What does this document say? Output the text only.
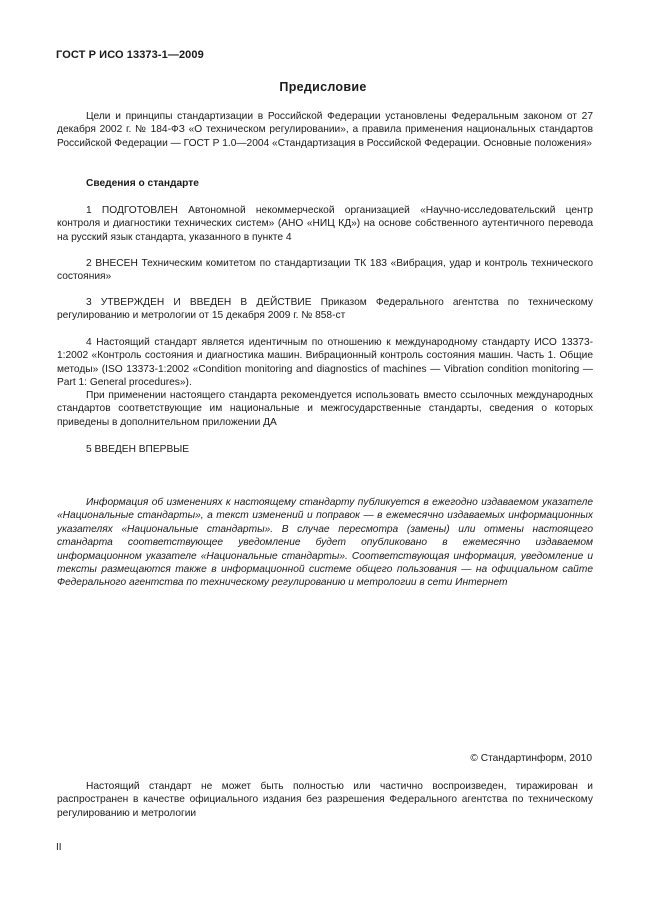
ГОСТ Р ИСО 13373-1—2009
Предисловие

Цели и принципы стандартизации в Российской Федерации установлены Федеральным законом от 27 декабря 2002 г. № 184-ФЗ «О техническом регулировании», а правила применения национальных стандартов Российской Федерации — ГОСТ Р 1.0—2004 «Стандартизация в Российской Федерации. Основные положения»

Сведения о стандарте

1 ПОДГОТОВЛЕН Автономной некоммерческой организацией «Научно-исследовательский центр контроля и диагностики технических систем» (АНО «НИЦ КД») на основе собственного аутентичного перевода на русский язык стандарта, указанного в пункте 4

2 ВНЕСЕН Техническим комитетом по стандартизации ТК 183 «Вибрация, удар и контроль технического состояния»

3 УТВЕРЖДЕН И ВВЕДЕН В ДЕЙСТВИЕ Приказом Федерального агентства по техническому регулированию и метрологии от 15 декабря 2009 г. № 858-ст

4 Настоящий стандарт является идентичным по отношению к международному стандарту ИСО 13373-1:2002 «Контроль состояния и диагностика машин. Вибрационный контроль состояния машин. Часть 1. Общие методы» (ISO 13373-1:2002 «Condition monitoring and diagnostics of machines — Vibration condition monitoring — Part 1: General procedures»).

При применении настоящего стандарта рекомендуется использовать вместо ссылочных международных стандартов соответствующие им национальные и межгосударственные стандарты, сведения о которых приведены в дополнительном приложении ДА

5 ВВЕДЕН ВПЕРВЫЕ

Информация об изменениях к настоящему стандарту публикуется в ежегодно издаваемом указателе «Национальные стандарты», а текст изменений и поправок — в ежемесячно издаваемых информационных указателях «Национальные стандарты». В случае пересмотра (замены) или отмены настоящего стандарта соответствующее уведомление будет опубликовано в ежемесячно издаваемом информационном указателе «Национальные стандарты». Соответствующая информация, уведомление и тексты размещаются также в информационной системе общего пользования — на официальном сайте Федерального агентства по техническому регулированию и метрологии в сети Интернет

© Стандартинформ, 2010

Настоящий стандарт не может быть полностью или частично воспроизведен, тиражирован и распространен в качестве официального издания без разрешения Федерального агентства по техническому регулированию и метрологии

II
